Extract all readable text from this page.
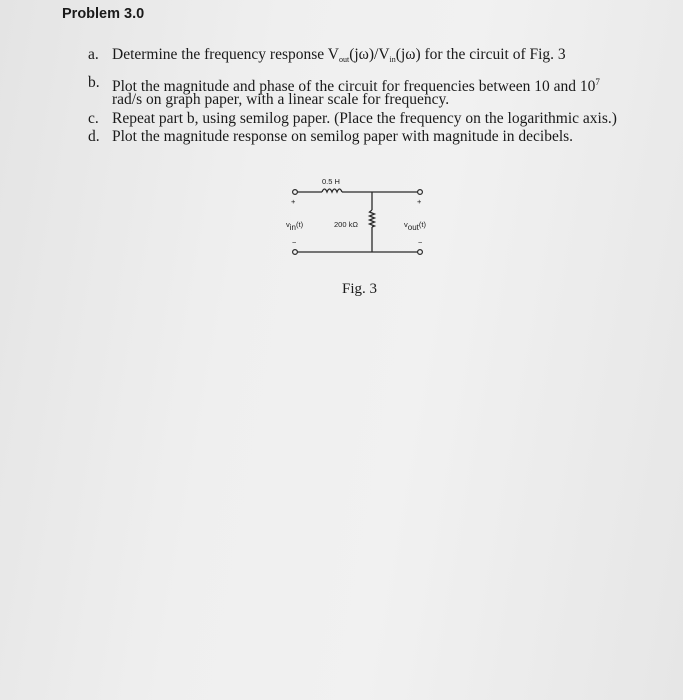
Problem 3.0
a. Determine the frequency response $V_{out}(j\omega)/V_{in}(j\omega)$ for the circuit of Fig. 3
b. Plot the magnitude and phase of the circuit for frequencies between 10 and $10^7$
rad/s on graph paper, with a linear scale for frequency.
c. Repeat part b, using semilog paper. (Place the frequency on the logarithmic axis.)
d. Plot the magnitude response on semilog paper with magnitude in decibels.
0.5 H
200 kΩ
+
−
+
−
$v_{in}(t)$	$v_{out}(t)$
Fig. 3
